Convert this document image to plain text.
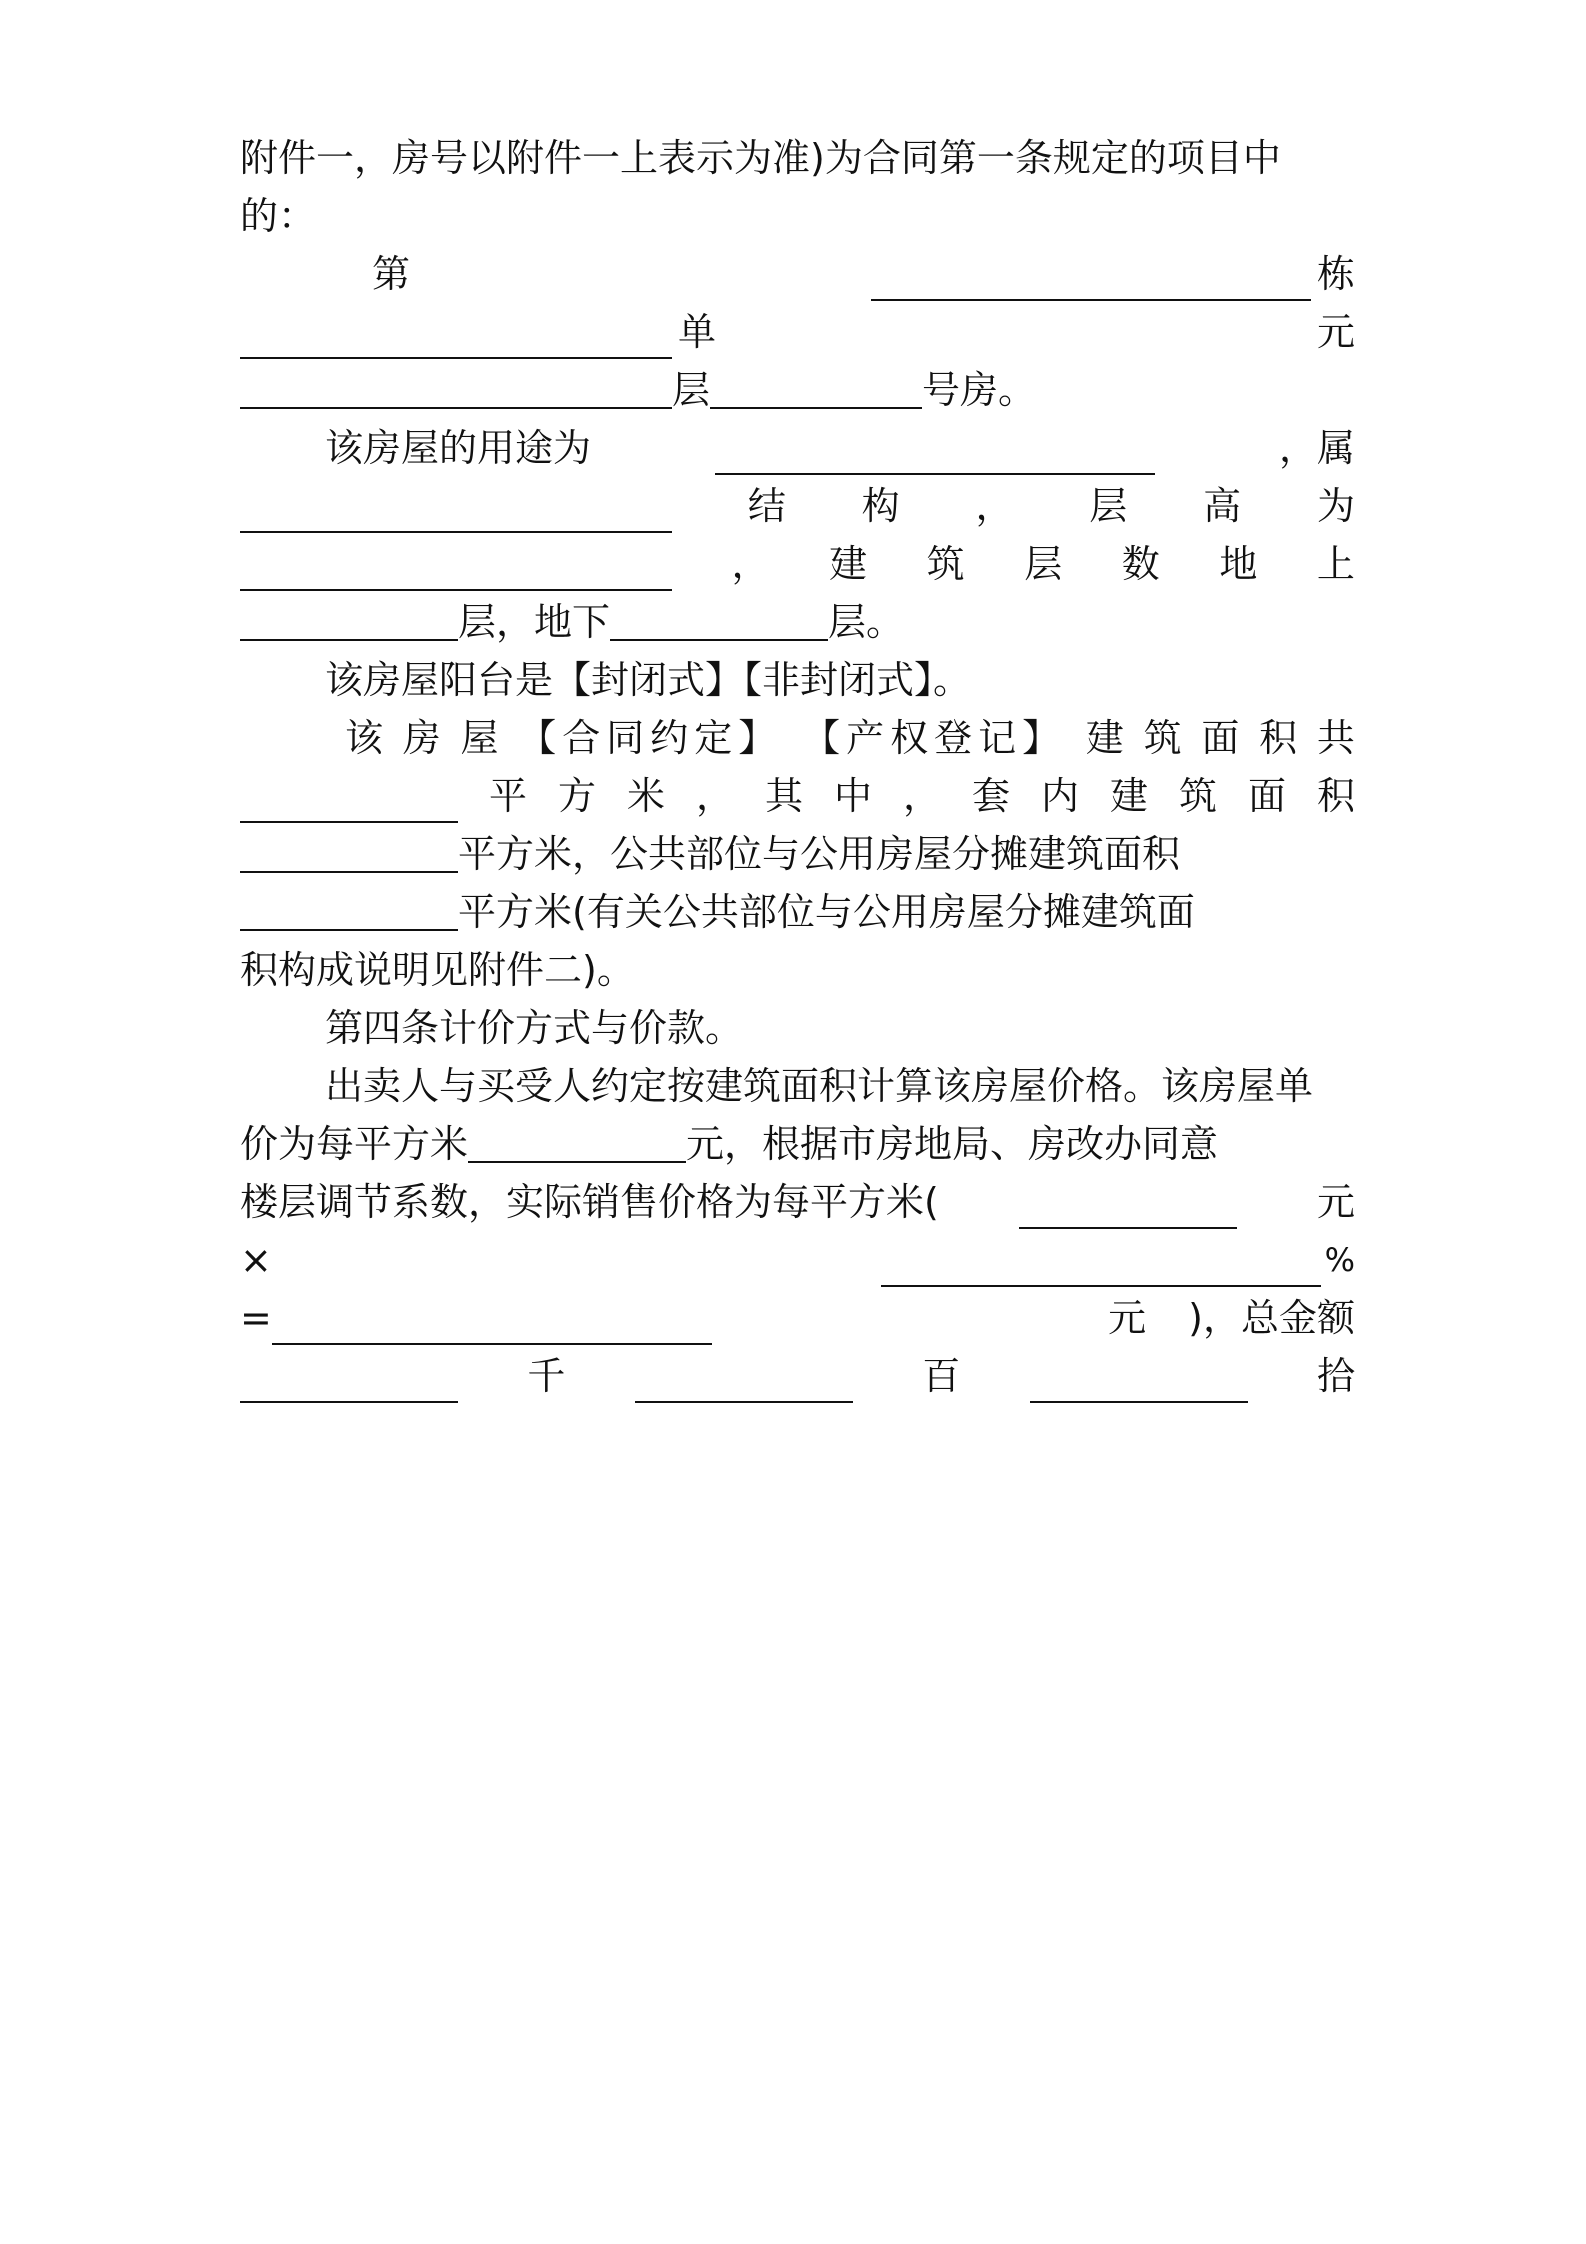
附件一，房号以附件一上表示为准)为合同第一条规定的项目中
的：
第	栋
单	元
层	号房。
该房屋的用途为	，属
结 构 ， 层 高 为
， 建 筑 层 数 地 上
层，地下	层。
该房屋阳台是【封闭式】【非封闭式】。
该 房 屋 【合同约定】 【产权登记】 建 筑 面 积 共
平 方 米 ， 其 中 ， 套 内 建 筑 面 积
平方米，公共部位与公用房屋分摊建筑面积
平方米(有关公共部位与公用房屋分摊建筑面
积构成说明见附件二)。
第四条计价方式与价款。
出卖人与买受人约定按建筑面积计算该房屋价格。该房屋单
价为每平方米	元，根据市房地局、房改办同意
楼层调节系数，实际销售价格为每平方米(	元
×	%
=	元 )， 总 金 额
千	百	拾
